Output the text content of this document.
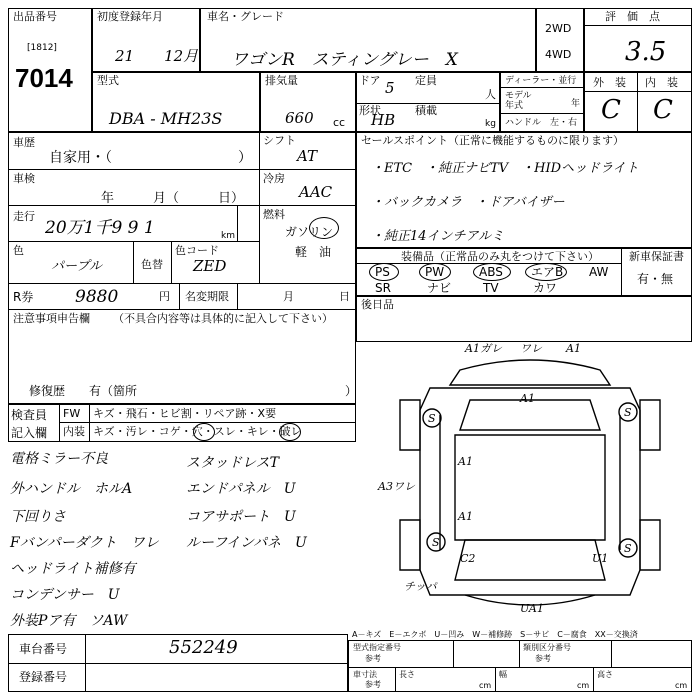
出品番号
[1812]
7014
初度登録年月
21　　12月
車名・グレード
ワゴンR　スティングレー　X
2WD
4WD
評　価　点
3.5
型式
DBA - MH23S
排気量
660 cc
ドア 5 定員
人
形状
HB
積載
kg
ディーラー・並行
モデル年式	年
ハンドル　左・右
外　装 内　装
C C
車歴
自家用・（　　　　　　　　　）
シフト
AT
車検
年　　　月（　　　日）
冷房
AAC
走行
20万1千9 9 1	km
燃料
ガソリン
軽　油
色
パープル	色替
色コード
ZED
R券 9880	円 名変期限	月	日
注意事項申告欄 （不具合内容等は具体的に記入して下さい）
修復歴　　有（箇所	）
検査員
記入欄
FW キズ・飛石・ヒビ割・リペア跡・X要
内装 キズ・汚レ・コゲ・穴・スレ・キレ・破レ
セールスポイント（正常に機能するものに限ります）
・ETC　・純正ナビTV　・HIDヘッドライト
・バックカメラ　・ドアバイザー
・純正14インチアルミ
装備品（正常品のみ丸をつけて下さい）	新車保証書
有・無
PS	PW	ABS エアB AW
SR	ナビ	TV	カワ
後日品
電格ミラー不良
外ハンドル　ホルA
下回りさ
Fバンパーダクト　ワレ
ヘッドライト補修有
コンデンサー　U
外装Pア有　ソAW
スタッドレスT
エンドパネル　U
コアサポート　U
ルーフインパネ　U
A1ガレ ワレ A1
A1
S	S
A1
A3ワレ
S	S
A1
C2	U1
UA1
チッパ
A－キズ　E－エクボ　U－凹み　W－補修跡　S－サビ　C－腐食　XX－交換済
車台番号	552249
登録番号
型式指定番号
参考
類別区分番号
参考
車寸法
参考
長さ
cm
幅
cm
高さ
cm
